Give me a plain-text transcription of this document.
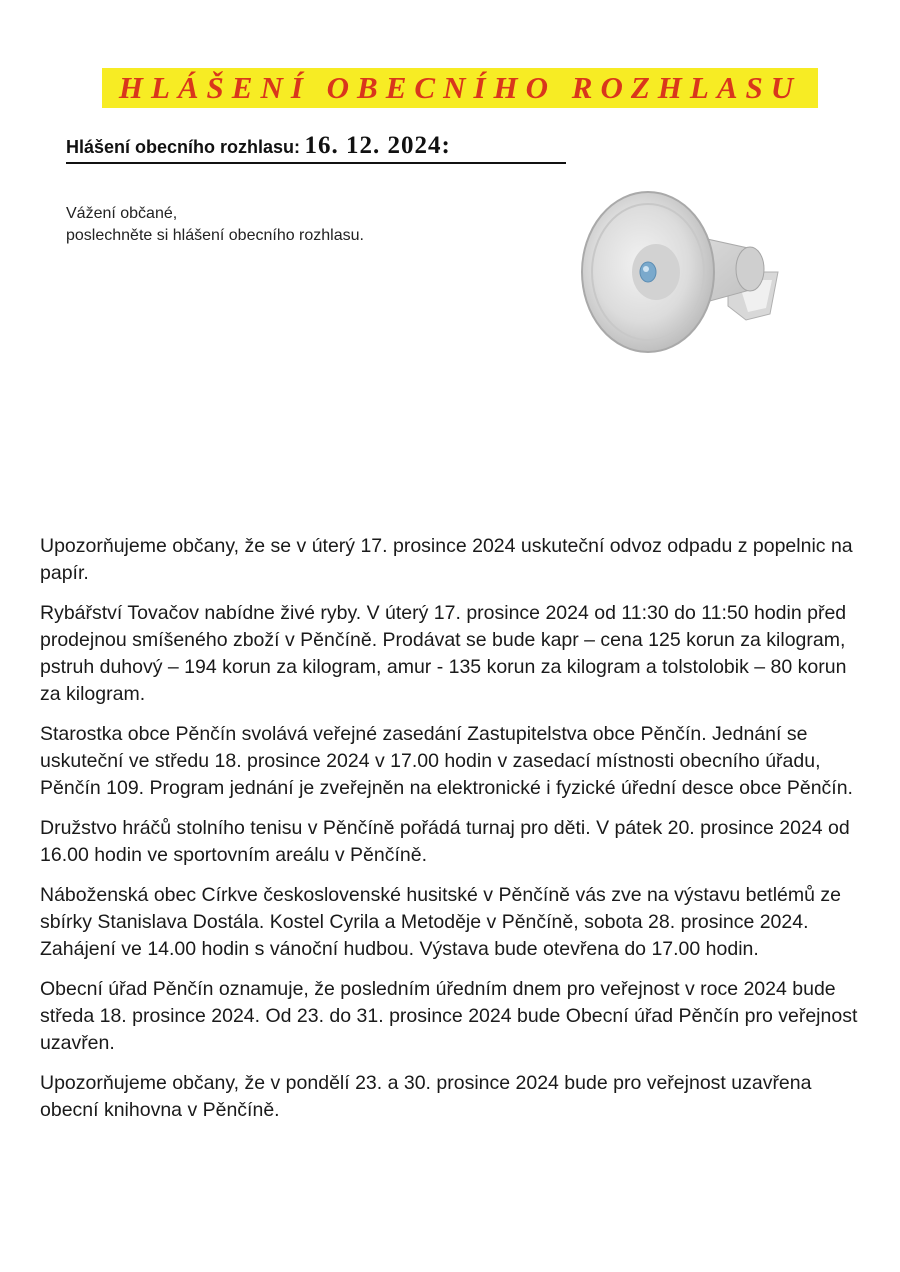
HLÁŠENÍ OBECNÍHO ROZHLASU
Hlášení obecního rozhlasu: 16. 12. 2024:
Vážení občané,
poslechněte si hlášení obecního rozhlasu.

Upozorňujeme občany, že se v úterý 17. prosince 2024 uskuteční odvoz odpadu z popelnic na papír.

Rybářství Tovačov nabídne živé ryby. V úterý 17. prosince 2024 od 11:30 do 11:50 hodin před prodejnou smíšeného zboží v Pěnčíně. Prodávat se bude kapr – cena 125 korun za kilogram, pstruh duhový – 194 korun za kilogram, amur - 135 korun za kilogram a tolstolobik – 80 korun za kilogram.

Starostka obce Pěnčín svolává veřejné zasedání Zastupitelstva obce Pěnčín. Jednání se uskuteční ve středu 18. prosince 2024 v 17.00 hodin v zasedací místnosti obecního úřadu, Pěnčín 109. Program jednání je zveřejněn na elektronické i fyzické úřední desce obce Pěnčín.

Družstvo hráčů stolního tenisu v Pěnčíně pořádá turnaj pro děti. V pátek 20. prosince 2024 od 16.00 hodin ve sportovním areálu v Pěnčíně.

Náboženská obec Církve československé husitské v Pěnčíně vás zve na výstavu betlémů ze sbírky Stanislava Dostála. Kostel Cyrila a Metoděje v Pěnčíně, sobota 28. prosince 2024. Zahájení ve 14.00 hodin s vánoční hudbou. Výstava bude otevřena do 17.00 hodin.

Obecní úřad Pěnčín oznamuje, že posledním úředním dnem pro veřejnost v roce 2024 bude středa 18. prosince 2024. Od 23. do 31. prosince 2024 bude Obecní úřad Pěnčín pro veřejnost uzavřen.

Upozorňujeme občany, že v pondělí 23. a 30. prosince 2024 bude pro veřejnost uzavřena obecní knihovna v Pěnčíně.
